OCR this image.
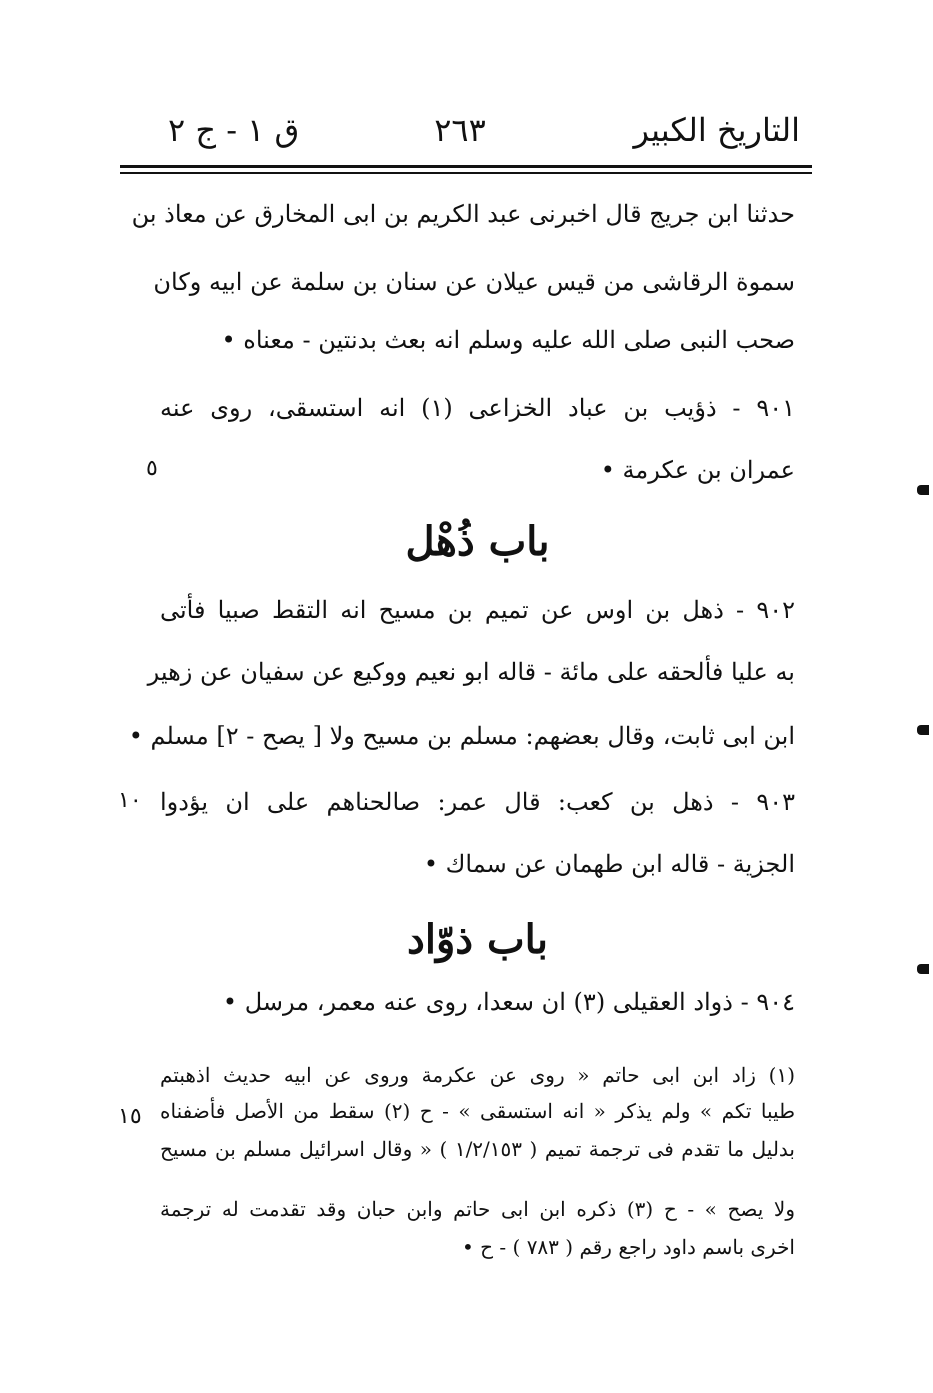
التاريخ الكبير
٢٦٣
ق ١ - ج ٢
حدثنا ابن جريج قال اخبرنى عبد الكريم بن ابى المخارق عن معاذ بن
سموة الرقاشى من قيس عيلان عن سنان بن سلمة عن ابيه وكان
صحب النبى صلى الله عليه وسلم انه بعث بدنتين - معناه •
٩٠١ - ذؤيب بن عباد الخزاعى (١) انه استسقى، روى عنه
عمران بن عكرمة •
باب ذُهْل
٩٠٢ - ذهل بن اوس عن تميم بن مسيح انه التقط صبيا فأتى
به عليا فألحقه على مائة - قاله ابو نعيم ووكيع عن سفيان عن زهير
ابن ابى ثابت، وقال بعضهم: مسلم بن مسيح ولا [ يصح - ٢] مسلم •
٩٠٣ - ذهل بن كعب: قال عمر: صالحناهم على ان يؤدوا
الجزية - قاله ابن طهمان عن سماك •
باب ذوّاد
٩٠٤ - ذواد العقيلى (٣) ان سعدا، روى عنه معمر، مرسل •
(١) زاد ابن ابى حاتم « روى عن عكرمة وروى عن ابيه حديث اذهبتم
طيبا تكم » ولم يذكر « انه استسقى » - ح (٢) سقط من الأصل فأضفناه
بدليل ما تقدم فى ترجمة تميم ( ١/٢/١٥٣ ) « وقال اسرائيل مسلم بن مسيح
ولا يصح » - ح (٣) ذكره ابن ابى حاتم وابن حبان وقد تقدمت له ترجمة
اخرى باسم داود راجع رقم ( ٧٨٣ ) - ح •
٥
١٠
١٥
